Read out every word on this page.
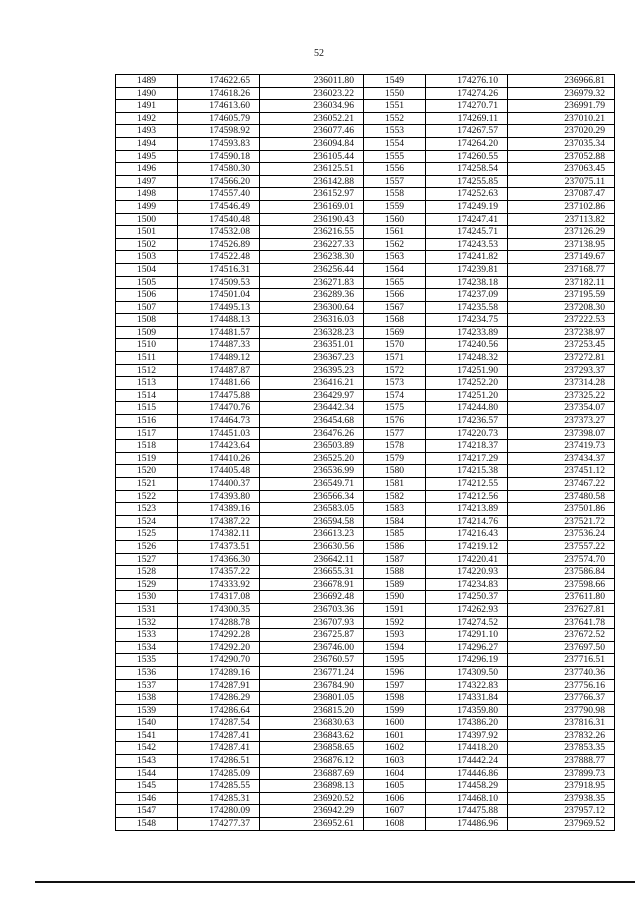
52
1489	174622.65	236011.80	1549	174276.10	236966.81
1490	174618.26	236023.22	1550	174274.26	236979.32
1491	174613.60	236034.96	1551	174270.71	236991.79
1492	174605.79	236052.21	1552	174269.11	237010.21
1493	174598.92	236077.46	1553	174267.57	237020.29
1494	174593.83	236094.84	1554	174264.20	237035.34
1495	174590.18	236105.44	1555	174260.55	237052.88
1496	174580.30	236125.51	1556	174258.54	237063.45
1497	174566.20	236142.88	1557	174255.85	237075.11
1498	174557.40	236152.97	1558	174252.63	237087.47
1499	174546.49	236169.01	1559	174249.19	237102.86
1500	174540.48	236190.43	1560	174247.41	237113.82
1501	174532.08	236216.55	1561	174245.71	237126.29
1502	174526.89	236227.33	1562	174243.53	237138.95
1503	174522.48	236238.30	1563	174241.82	237149.67
1504	174516.31	236256.44	1564	174239.81	237168.77
1505	174509.53	236271.83	1565	174238.18	237182.11
1506	174501.04	236289.36	1566	174237.09	237195.59
1507	174495.13	236300.64	1567	174235.58	237208.30
1508	174488.13	236316.03	1568	174234.75	237222.53
1509	174481.57	236328.23	1569	174233.89	237238.97
1510	174487.33	236351.01	1570	174240.56	237253.45
1511	174489.12	236367.23	1571	174248.32	237272.81
1512	174487.87	236395.23	1572	174251.90	237293.37
1513	174481.66	236416.21	1573	174252.20	237314.28
1514	174475.88	236429.97	1574	174251.20	237325.22
1515	174470.76	236442.34	1575	174244.80	237354.07
1516	174464.73	236454.68	1576	174236.57	237373.27
1517	174451.03	236476.26	1577	174220.73	237398.07
1518	174423.64	236503.89	1578	174218.37	237419.73
1519	174410.26	236525.20	1579	174217.29	237434.37
1520	174405.48	236536.99	1580	174215.38	237451.12
1521	174400.37	236549.71	1581	174212.55	237467.22
1522	174393.80	236566.34	1582	174212.56	237480.58
1523	174389.16	236583.05	1583	174213.89	237501.86
1524	174387.22	236594.58	1584	174214.76	237521.72
1525	174382.11	236613.23	1585	174216.43	237536.24
1526	174373.51	236630.56	1586	174219.12	237557.22
1527	174366.30	236642.11	1587	174220.41	237574.70
1528	174357.22	236655.31	1588	174220.93	237586.84
1529	174333.92	236678.91	1589	174234.83	237598.66
1530	174317.08	236692.48	1590	174250.37	237611.80
1531	174300.35	236703.36	1591	174262.93	237627.81
1532	174288.78	236707.93	1592	174274.52	237641.78
1533	174292.28	236725.87	1593	174291.10	237672.52
1534	174292.20	236746.00	1594	174296.27	237697.50
1535	174290.70	236760.57	1595	174296.19	237716.51
1536	174289.16	236771.24	1596	174309.50	237740.36
1537	174287.91	236784.90	1597	174322.83	237756.16
1538	174286.29	236801.05	1598	174331.84	237766.37
1539	174286.64	236815.20	1599	174359.80	237790.98
1540	174287.54	236830.63	1600	174386.20	237816.31
1541	174287.41	236843.62	1601	174397.92	237832.26
1542	174287.41	236858.65	1602	174418.20	237853.35
1543	174286.51	236876.12	1603	174442.24	237888.77
1544	174285.09	236887.69	1604	174446.86	237899.73
1545	174285.55	236898.13	1605	174458.29	237918.95
1546	174285.31	236920.52	1606	174468.10	237938.35
1547	174280.09	236942.29	1607	174475.88	237957.12
1548	174277.37	236952.61	1608	174486.96	237969.52
